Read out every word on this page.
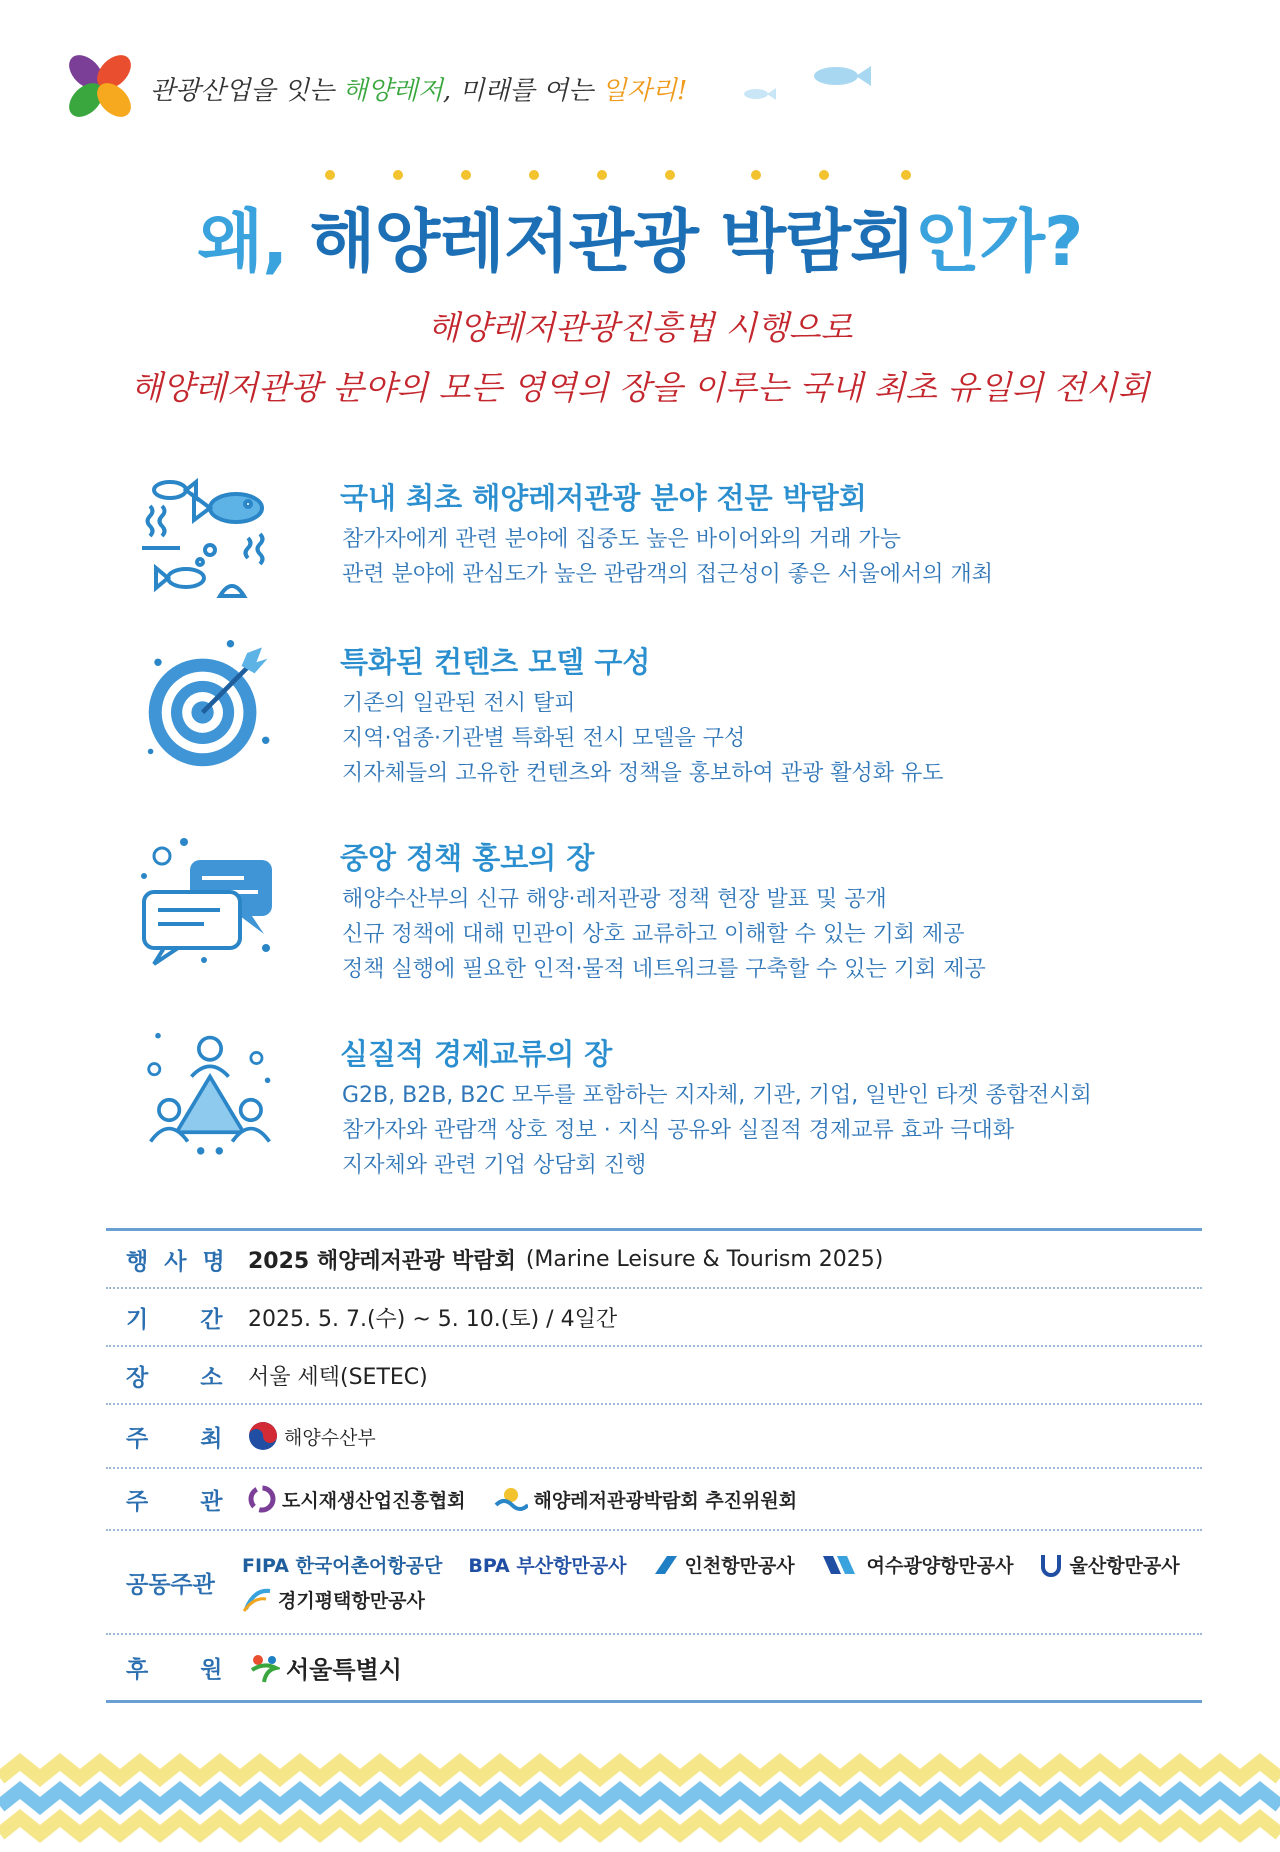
관광산업을 잇는 해양레저, 미래를 여는 일자리!
왜, 해양레저관광 박람회인가?
해양레저관광진흥법 시행으로
해양레저관광 분야의 모든 영역의 장을 이루는 국내 최초 유일의 전시회
국내 최초 해양레저관광 분야 전문 박람회
참가자에게 관련 분야에 집중도 높은 바이어와의 거래 가능
관련 분야에 관심도가 높은 관람객의 접근성이 좋은 서울에서의 개최
특화된 컨텐츠 모델 구성
기존의 일관된 전시 탈피
지역·업종·기관별 특화된 전시 모델을 구성
지자체들의 고유한 컨텐츠와 정책을 홍보하여 관광 활성화 유도
중앙 정책 홍보의 장
해양수산부의 신규 해양·레저관광 정책 현장 발표 및 공개
신규 정책에 대해 민관이 상호 교류하고 이해할 수 있는 기회 제공
정책 실행에 필요한 인적·물적 네트워크를 구축할 수 있는 기회 제공
실질적 경제교류의 장
G2B, B2B, B2C 모두를 포함하는 지자체, 기관, 기업, 일반인 타겟 종합전시회
참가자와 관람객 상호 정보 · 지식 공유와 실질적 경제교류 효과 극대화
지자체와 관련 기업 상담회 진행
행 사 명 2025 해양레저관광 박람회 (Marine Leisure & Tourism 2025)
기    간 2025. 5. 7.(수) ~ 5. 10.(토) / 4일간
장    소 서울 세텍(SETEC)
주    최	해양수산부
주    관	도시재생산업진흥협회	해양레저관광박람회 추진위원회
공동주관
FIPA 한국어촌어항공단 BPA 부산항만공사	인천항만공사	여수광양항만공사	울산항만공사
경기평택항만공사
후    원	서울특별시
